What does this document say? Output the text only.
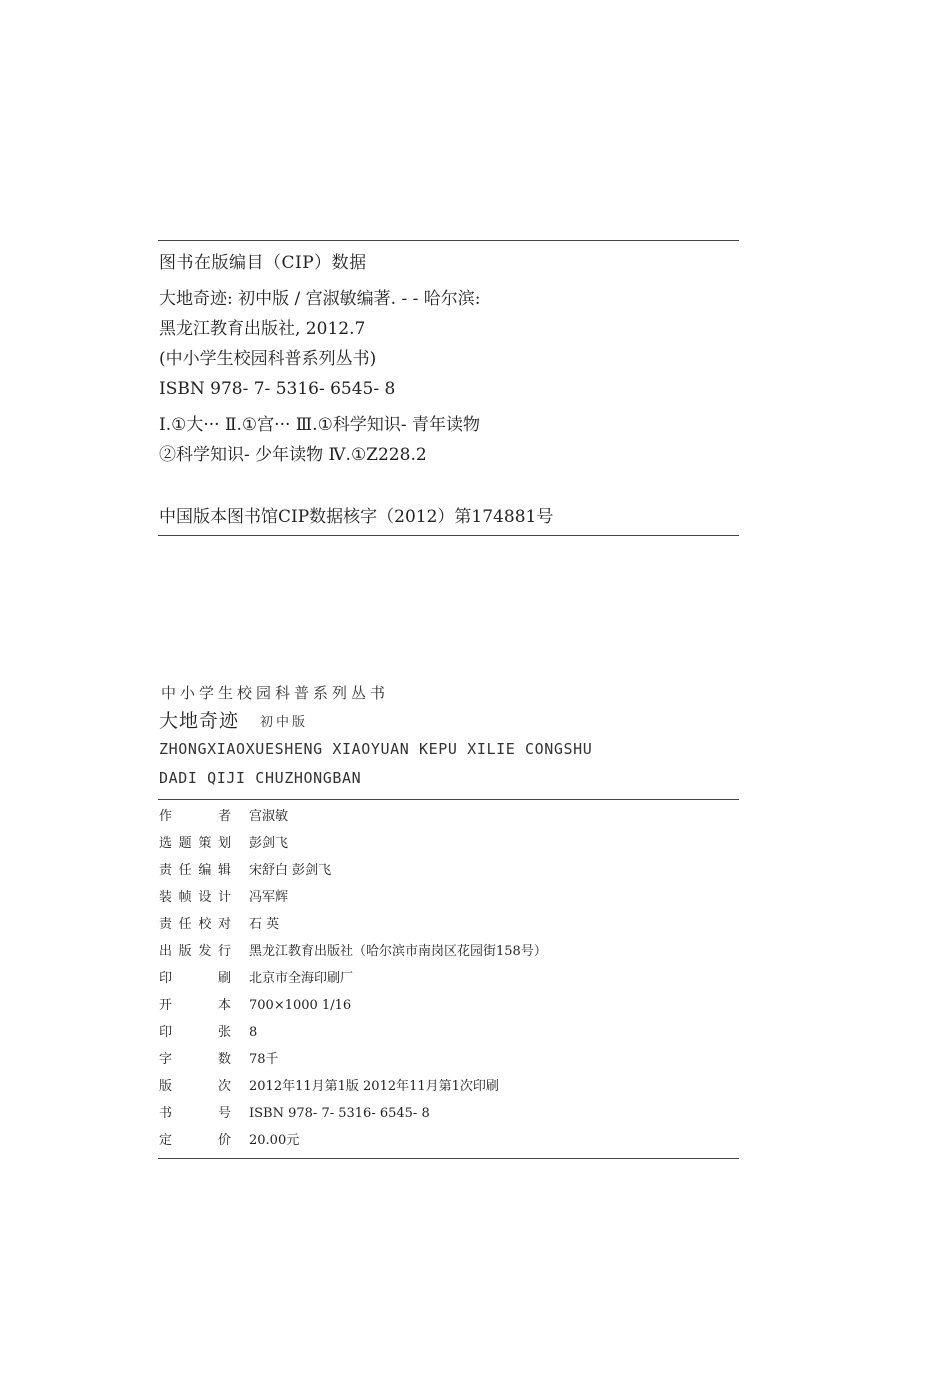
图书在版编目（CIP）数据
大地奇迹: 初中版 / 宫淑敏编著. - - 哈尔滨:
黑龙江教育出版社, 2012.7
(中小学生校园科普系列丛书)
ISBN 978- 7- 5316- 6545- 8
Ⅰ.①大··· Ⅱ.①宫··· Ⅲ.①科学知识- 青年读物
②科学知识- 少年读物 Ⅳ.①Z228.2
中国版本图书馆CIP数据核字（2012）第174881号
中小学生校园科普系列丛书
大地奇迹 初中版
ZHONGXIAOXUESHENG XIAOYUAN KEPU XILIE CONGSHU
DADI QIJI CHUZHONGBAN
作者 宫淑敏
选题策划 彭剑飞
责任编辑 宋舒白 彭剑飞
装帧设计 冯军辉
责任校对 石 英
出版发行 黑龙江教育出版社（哈尔滨市南岗区花园街158号）
印刷 北京市全海印刷厂
开本 700×1000 1/16
印张 8
字数 78千
版次 2012年11月第1版 2012年11月第1次印刷
书号 ISBN 978- 7- 5316- 6545- 8
定价 20.00元
